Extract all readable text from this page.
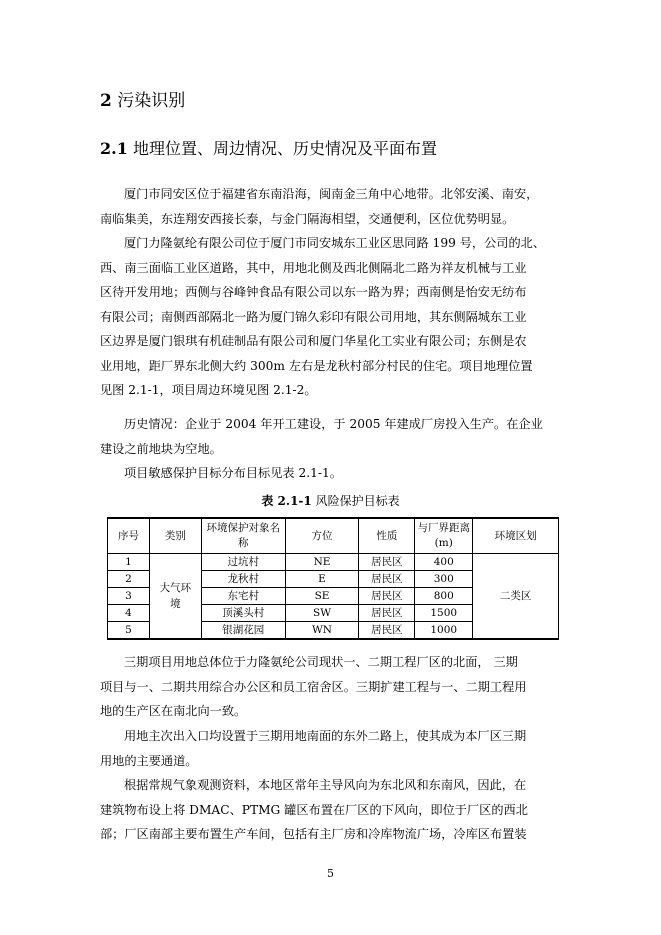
2 污染识别
2.1 地理位置、周边情况、历史情况及平面布置

厦门市同安区位于福建省东南沿海，闽南金三角中心地带。北邻安溪、南安，
南临集美，东连翔安西接长泰，与金门隔海相望，交通便利，区位优势明显。

厦门力隆氨纶有限公司位于厦门市同安城东工业区思同路 199 号，公司的北、
西、南三面临工业区道路，其中，用地北侧及西北侧隔北二路为祥友机械与工业
区待开发用地；西侧与谷峰钟食品有限公司以东一路为界；西南侧是怡安无纺布
有限公司；南侧西部隔北一路为厦门锦久彩印有限公司用地，其东侧隔城东工业
区边界是厦门银琪有机硅制品有限公司和厦门华星化工实业有限公司；东侧是农
业用地，距厂界东北侧大约 300m 左右是龙秋村部分村民的住宅。项目地理位置
见图 2.1-1，项目周边环境见图 2.1-2。

历史情况：企业于 2004 年开工建设，于 2005 年建成厂房投入生产。在企业
建设之前地块为空地。

项目敏感保护目标分布目标见表 2.1-1。

表 2.1-1 风险保护目标表
序号	类别	环境保护对象名称	方位	性质	与厂界距离(m)	环境区划
1	大气环境	过坑村	NE	居民区	400	二类区
2		龙秋村	E	居民区	300	
3		东宅村	SE	居民区	800	
4		顶溪头村	SW	居民区	1500	
5		银湖花园	WN	居民区	1000	

三期项目用地总体位于力隆氨纶公司现状一、二期工程厂区的北面， 三期
项目与一、二期共用综合办公区和员工宿舍区。三期扩建工程与一、二期工程用
地的生产区在南北向一致。

用地主次出入口均设置于三期用地南面的东外二路上，使其成为本厂区三期
用地的主要通道。

根据常规气象观测资料，本地区常年主导风向为东北风和东南风，因此，在
建筑物布设上将 DMAC、PTMG 罐区布置在厂区的下风向，即位于厂区的西北
部；厂区南部主要布置生产车间，包括有主厂房和冷库物流广场，冷库区布置装

5
